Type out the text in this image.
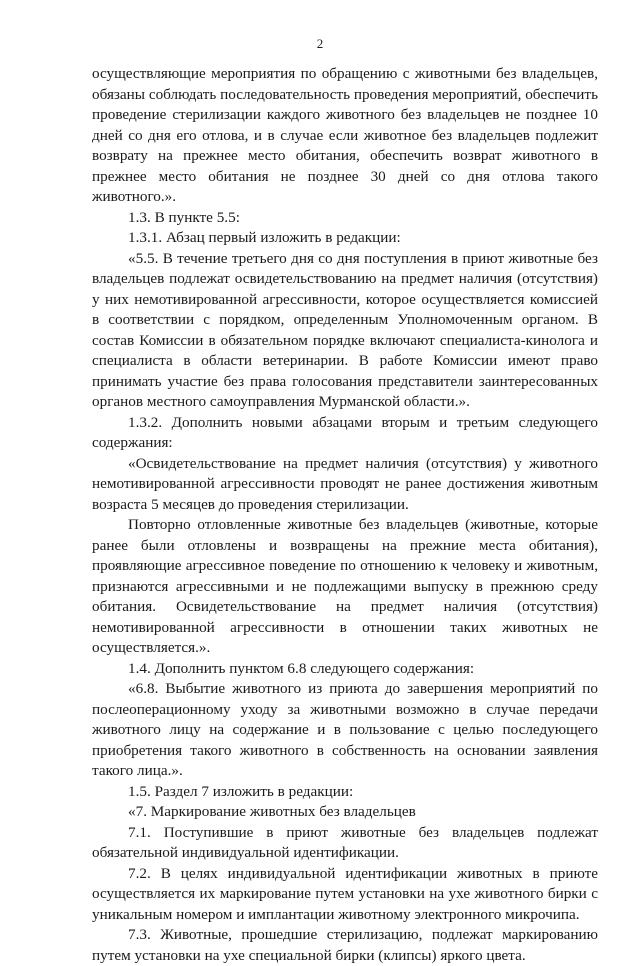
2

осуществляющие мероприятия по обращению с животными без владельцев, обязаны соблюдать последовательность проведения мероприятий, обеспечить проведение стерилизации каждого животного без владельцев не позднее 10 дней со дня его отлова, и в случае если животное без владельцев подлежит возврату на прежнее место обитания, обеспечить возврат животного в прежнее место обитания не позднее 30 дней со дня отлова такого животного.».

1.3. В пункте 5.5:

1.3.1. Абзац первый изложить в редакции:

«5.5. В течение третьего дня со дня поступления в приют животные без владельцев подлежат освидетельствованию на предмет наличия (отсутствия) у них немотивированной агрессивности, которое осуществляется комиссией в соответствии с порядком, определенным Уполномоченным органом. В состав Комиссии в обязательном порядке включают специалиста-кинолога и специалиста в области ветеринарии. В работе Комиссии имеют право принимать участие без права голосования представители заинтересованных органов местного самоуправления Мурманской области.».

1.3.2. Дополнить новыми абзацами вторым и третьим следующего содержания:

«Освидетельствование на предмет наличия (отсутствия) у животного немотивированной агрессивности проводят не ранее достижения животным возраста 5 месяцев до проведения стерилизации.

Повторно отловленные животные без владельцев (животные, которые ранее были отловлены и возвращены на прежние места обитания), проявляющие агрессивное поведение по отношению к человеку и животным, признаются агрессивными и не подлежащими выпуску в прежнюю среду обитания. Освидетельствование на предмет наличия (отсутствия) немотивированной агрессивности в отношении таких животных не осуществляется.».

1.4. Дополнить пунктом 6.8 следующего содержания:

«6.8. Выбытие животного из приюта до завершения мероприятий по послеоперационному уходу за животными возможно в случае передачи животного лицу на содержание и в пользование с целью последующего приобретения такого животного в собственность на основании заявления такого лица.».

1.5. Раздел 7 изложить в редакции:

«7. Маркирование животных без владельцев

7.1. Поступившие в приют животные без владельцев подлежат обязательной индивидуальной идентификации.

7.2. В целях индивидуальной идентификации животных в приюте осуществляется их маркирование путем установки на ухе животного бирки с уникальным номером и имплантации животному электронного микрочипа.

7.3. Животные, прошедшие стерилизацию, подлежат маркированию путем установки на ухе специальной бирки (клипсы) яркого цвета.
